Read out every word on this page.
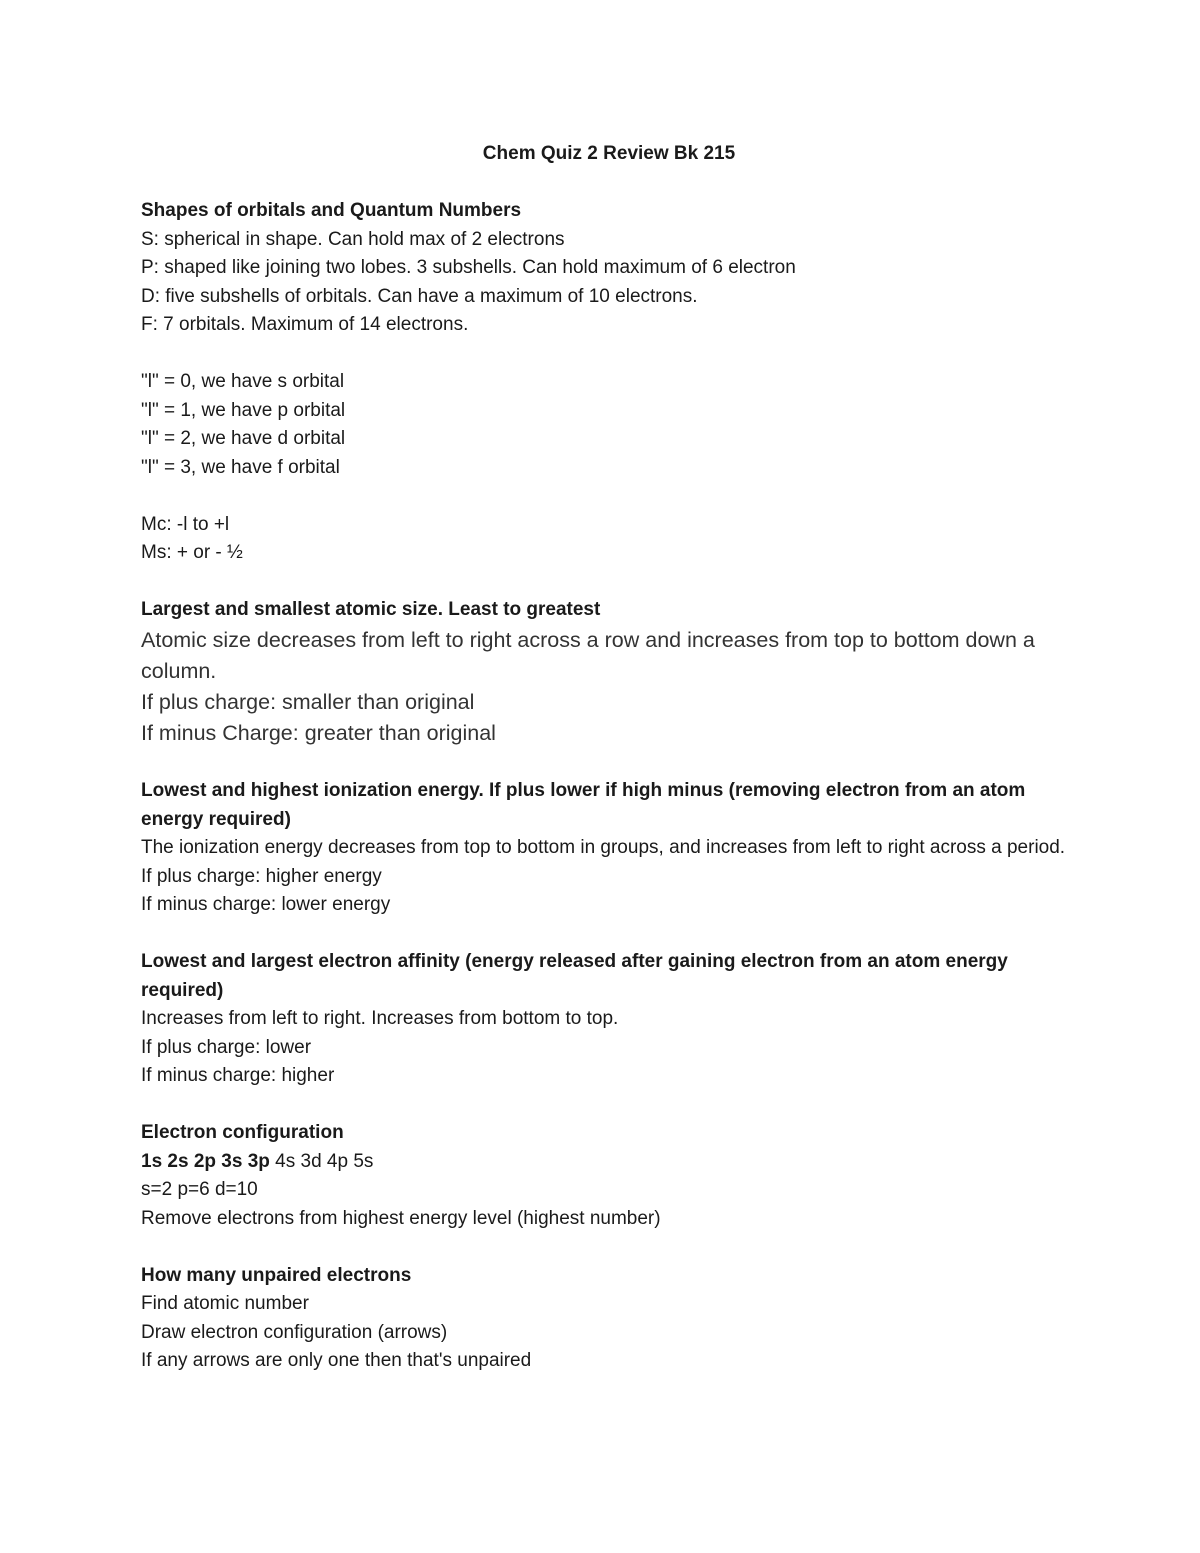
Chem Quiz 2 Review Bk 215
Shapes of orbitals and Quantum Numbers
S: spherical in shape. Can hold max of 2 electrons
P: shaped like joining two lobes. 3 subshells. Can hold maximum of 6 electron
D: five subshells of orbitals. Can have a maximum of 10 electrons.
F: 7 orbitals. Maximum of 14 electrons.
"l" = 0, we have s orbital
"l" = 1, we have p orbital
"l" = 2, we have d orbital
"l" = 3, we have f orbital
Mc: -l to +l
Ms: + or - ½
Largest and smallest atomic size. Least to greatest
Atomic size decreases from left to right across a row and increases from top to bottom down a column.
If plus charge: smaller than original
If minus Charge: greater than original
Lowest and highest ionization energy. If plus lower if high minus (removing electron from an atom energy required)
The ionization energy decreases from top to bottom in groups, and increases from left to right across a period.
If plus charge: higher energy
If minus charge: lower energy
Lowest and largest electron affinity (energy released after gaining electron from an atom energy required)
Increases from left to right. Increases from bottom to top.
If plus charge: lower
If minus charge: higher
Electron configuration
1s 2s 2p 3s 3p 4s 3d 4p 5s
s=2 p=6 d=10
Remove electrons from highest energy level (highest number)
How many unpaired electrons
Find atomic number
Draw electron configuration (arrows)
If any arrows are only one then that's unpaired
